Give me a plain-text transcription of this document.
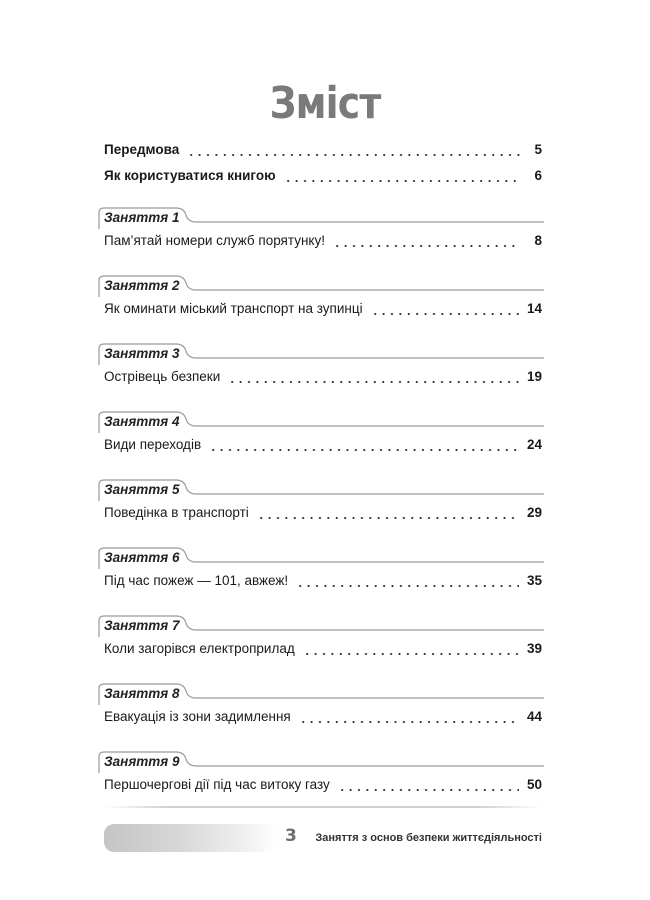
Зміст
Передмова	5
Як користуватися книгою	6
Заняття 1
Пам’ятай номери служб порятунку!	8
Заняття 2
Як оминати міський транспорт на зупинці	14
Заняття 3
Острівець безпеки	19
Заняття 4
Види переходів	24
Заняття 5
Поведінка в транспорті	29
Заняття 6
Під час пожеж — 101, авжеж!	35
Заняття 7
Коли загорівся електроприлад	39
Заняття 8
Евакуація із зони задимлення	44
Заняття 9
Першочергові дії під час витоку газу	50
3 Заняття з основ безпеки життєдіяльності
